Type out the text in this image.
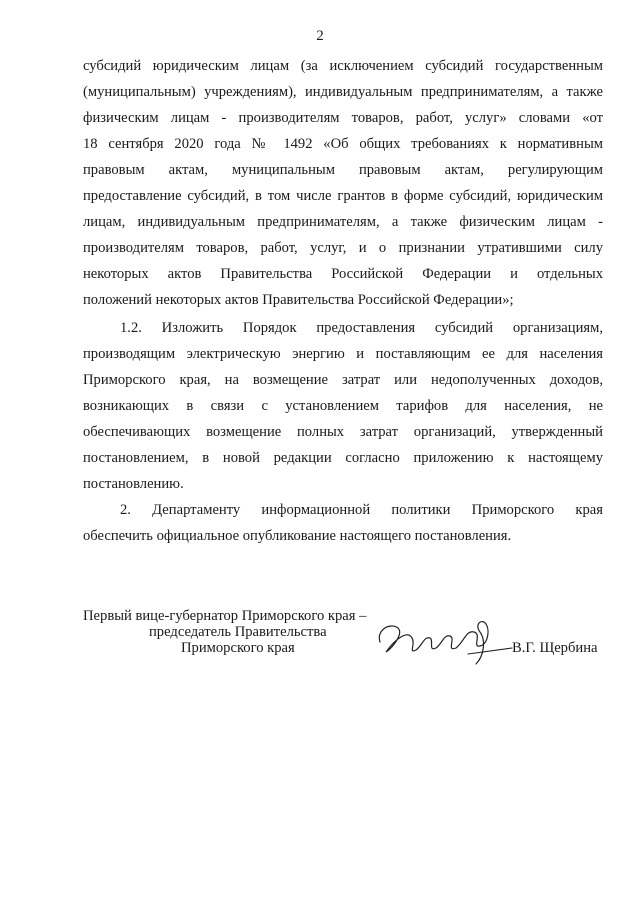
2
субсидий юридическим лицам (за исключением субсидий государственным
(муниципальным) учреждениям), индивидуальным предпринимателям, а также
физическим лицам - производителям товаров, работ, услуг» словами «от
18 сентября 2020 года № 1492 «Об общих требованиях к нормативным
правовым актам, муниципальным правовым актам, регулирующим
предоставление субсидий, в том числе грантов в форме субсидий, юридическим
лицам, индивидуальным предпринимателям, а также физическим лицам -
производителям товаров, работ, услуг, и о признании утратившими силу
некоторых актов Правительства Российской Федерации и отдельных
положений некоторых актов Правительства Российской Федерации»;
1.2. Изложить Порядок предоставления субсидий организациям,
производящим электрическую энергию и поставляющим ее для населения
Приморского края, на возмещение затрат или недополученных доходов,
возникающих в связи с установлением тарифов для населения, не
обеспечивающих возмещение полных затрат организаций, утвержденный
постановлением, в новой редакции согласно приложению к настоящему
постановлению.
2. Департаменту информационной политики Приморского края
обеспечить официальное опубликование настоящего постановления.
Первый вице-губернатор Приморского края –
председатель Правительства
Приморского края	В.Г. Щербина
